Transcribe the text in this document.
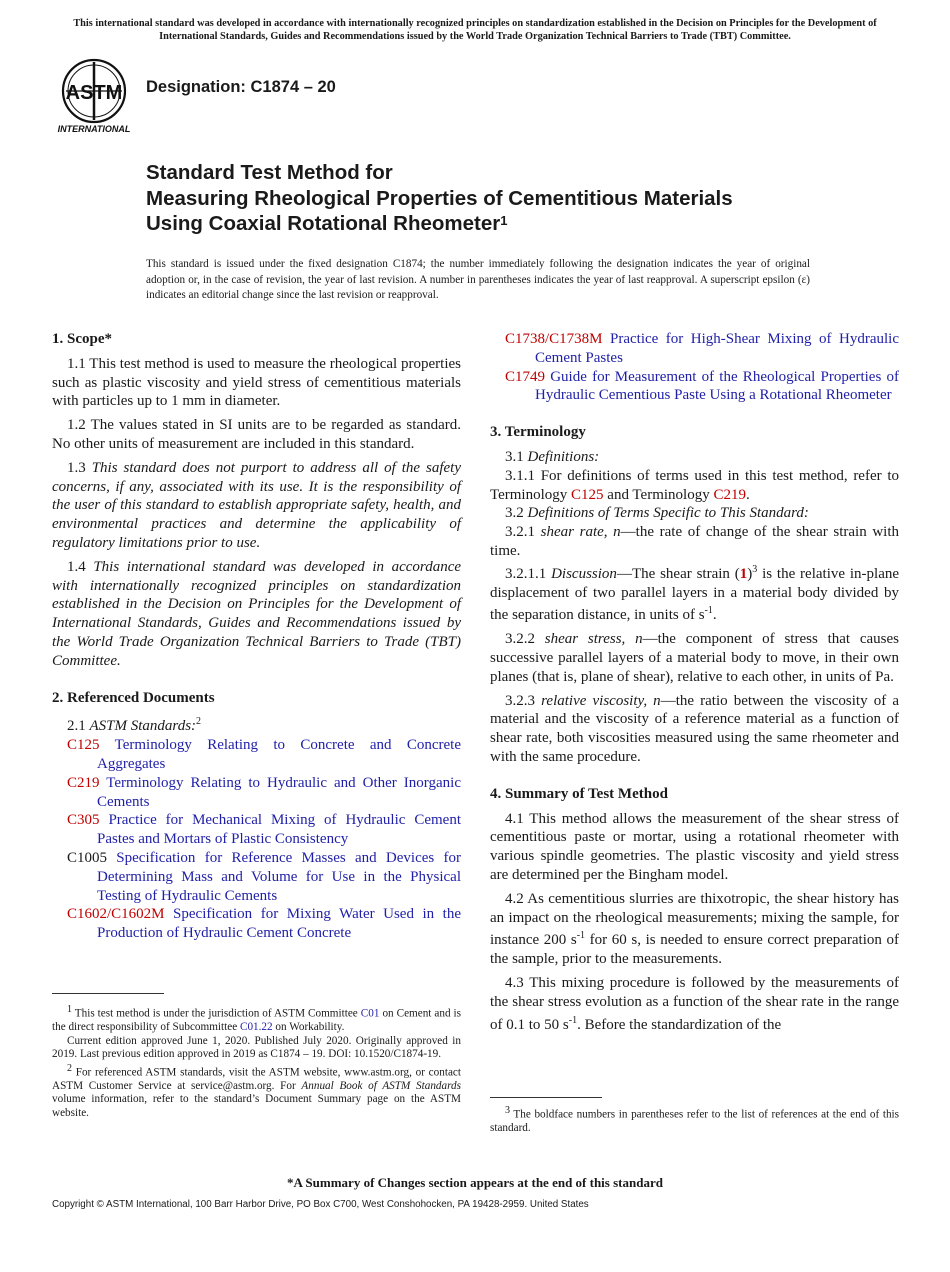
This international standard was developed in accordance with internationally recognized principles on standardization established in the Decision on Principles for the Development of International Standards, Guides and Recommendations issued by the World Trade Organization Technical Barriers to Trade (TBT) Committee.
ASTM
INTERNATIONAL
Designation: C1874 – 20
Standard Test Method for
Measuring Rheological Properties of Cementitious Materials
Using Coaxial Rotational Rheometer$^1$

This standard is issued under the fixed designation C1874; the number immediately following the designation indicates the year of original adoption or, in the case of revision, the year of last revision. A number in parentheses indicates the year of last reapproval. A superscript epsilon (ε) indicates an editorial change since the last revision or reapproval.

1. Scope*

1.1 This test method is used to measure the rheological properties such as plastic viscosity and yield stress of cementitious materials with particles up to 1 mm in diameter.

1.2 The values stated in SI units are to be regarded as standard. No other units of measurement are included in this standard.

1.3 This standard does not purport to address all of the safety concerns, if any, associated with its use. It is the responsibility of the user of this standard to establish appropriate safety, health, and environmental practices and determine the applicability of regulatory limitations prior to use.

1.4 This international standard was developed in accordance with internationally recognized principles on standardization established in the Decision on Principles for the Development of International Standards, Guides and Recommendations issued by the World Trade Organization Technical Barriers to Trade (TBT) Committee.

2. Referenced Documents

2.1 ASTM Standards:$^2$

C125 Terminology Relating to Concrete and Concrete Aggregates

C219 Terminology Relating to Hydraulic and Other Inorganic Cements

C305 Practice for Mechanical Mixing of Hydraulic Cement Pastes and Mortars of Plastic Consistency

C1005 Specification for Reference Masses and Devices for Determining Mass and Volume for Use in the Physical Testing of Hydraulic Cements

C1602/C1602M Specification for Mixing Water Used in the Production of Hydraulic Cement Concrete

C1738/C1738M Practice for High-Shear Mixing of Hydraulic Cement Pastes

C1749 Guide for Measurement of the Rheological Properties of Hydraulic Cementious Paste Using a Rotational Rheometer

3. Terminology

3.1 Definitions:

3.1.1 For definitions of terms used in this test method, refer to Terminology C125 and Terminology C219.

3.2 Definitions of Terms Specific to This Standard:

3.2.1 shear rate, n—the rate of change of the shear strain with time.

3.2.1.1 Discussion—The shear strain $(1)^3$ is the relative in-plane displacement of two parallel layers in a material body divided by the separation distance, in units of $s^{-1}$.

3.2.2 shear stress, n—the component of stress that causes successive parallel layers of a material body to move, in their own planes (that is, plane of shear), relative to each other, in units of Pa.

3.2.3 relative viscosity, n—the ratio between the viscosity of a material and the viscosity of a reference material as a function of shear rate, both viscosities measured using the same rheometer and with the same procedure.

4. Summary of Test Method

4.1 This method allows the measurement of the shear stress of cementitious paste or mortar, using a rotational rheometer with various spindle geometries. The plastic viscosity and yield stress are determined per the Bingham model.

4.2 As cementitious slurries are thixotropic, the shear history has an impact on the rheological measurements; mixing the sample, for instance 200 $s^{-1}$ for 60 s, is needed to ensure correct preparation of the sample, prior to the measurements.

4.3 This mixing procedure is followed by the measurements of the shear stress evolution as a function of the shear rate in the range of 0.1 to 50 $s^{-1}$. Before the standardization of the

$^1$ This test method is under the jurisdiction of ASTM Committee C01 on Cement and is the direct responsibility of Subcommittee C01.22 on Workability.

Current edition approved June 1, 2020. Published July 2020. Originally approved in 2019. Last previous edition approved in 2019 as C1874 – 19. DOI: 10.1520/C1874-19.

$^2$ For referenced ASTM standards, visit the ASTM website, www.astm.org, or contact ASTM Customer Service at service@astm.org. For Annual Book of ASTM Standards volume information, refer to the standard’s Document Summary page on the ASTM website.	$^3$ The boldface numbers in parentheses refer to the list of references at the end of this standard.

*A Summary of Changes section appears at the end of this standard
Copyright © ASTM International, 100 Barr Harbor Drive, PO Box C700, West Conshohocken, PA 19428-2959. United States
